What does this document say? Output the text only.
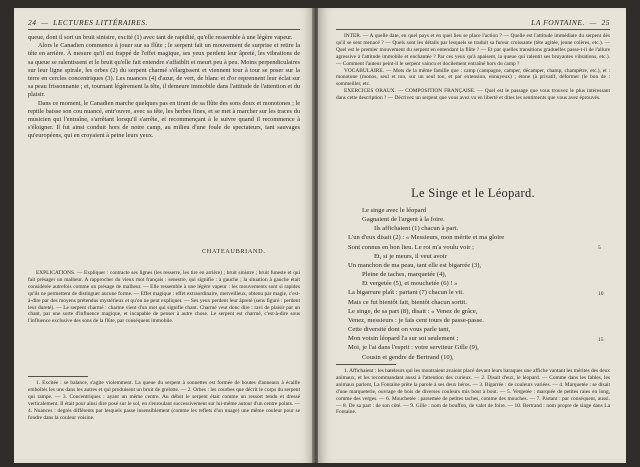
24  —  LECTURES LITTÉRAIRES.

queue, dont il sort un bruit sinistre, excité (1) avec tant de rapidité, qu'elle ressemble à une légère vapeur.

Alors le Canadien commence à jouer sur sa flûte ; le serpent fait un mouvement de surprise et retire la tête en arrière. À mesure qu'il est frappé de l'effet magique, ses yeux perdent leur âpreté, les vibrations de sa queue se ralentissent et le bruit qu'elle fait entendre s'affaiblit et meurt peu à peu. Moins perpendiculaires sur leur ligne spirale, les orbes (2) du serpent charmé s'élargissent et viennent tour à tour se poser sur la terre en cercles concentriques (3). Les nuances (4) d'azur, de vert, de blanc et d'or reprennent leur éclat sur sa peau frissonnante ; et, tournant légèrement la tête, il demeure immobile dans l'attitude de l'attention et du plaisir.

Dans ce moment, le Canadien marche quelques pas en tirant de sa flûte des sons doux et monotones ; le reptile baisse son cou nuancé, entr'ouvre, avec sa tête, les herbes fines, et se met à marcher sur les traces du musicien qui l'entraîne, s'arrêtant lorsqu'il s'arrête, et recommençant à le suivre quand il recommence à s'éloigner. Il fut ainsi conduit hors de notre camp, au milieu d'une foule de spectateurs, tant sauvages qu'européens, qui en croyaient à peine leurs yeux.

CHATEAUBRIAND.

EXPLICATIONS. — Expliquer : contracte ses lignes (les resserre, les tire en arrière) ; bruit sinistre ; bruit funeste et qui fait présager un malheur. A rapprocher du vieux mot français : senestre, qui signifie : à gauche ; la situation à gauche était considérée autrefois comme un présage de malheur. — Elle ressemble à une légère vapeur : les mouvements sont si rapides qu'ils ne permettent de distinguer aucune forme. — Effet magique : effet extraordinaire, merveilleux, obtenu par magie, c'est-à-dire par des moyens prétendus mystérieux et qu'on ne peut expliquer. — Ses yeux perdent leur âpreté (sens figuré : perdent leur dureté). — Le serpent charmé : charme vient d'un mot qui signifie chant. Charmé veut donc dire : ravi de plaisir par un chant, par une sorte d'influence magique, et incapable de penser à autre chose. Le serpent est charmé, c'est-à-dire sous l'influence exclusive des sons de la flûte, par conséquent immobile.

1. Excitée : se balance, s'agite violemment. La queue du serpent à sonnettes est formée de boutes d'anneaux à écaille emboîtés les uns dans les autres et qui produisent un bruit de grelotte. — 2. Orbes : les courbes que décrit le corps du serpent qui rampe. — 3. Concentriques : ayant un même centre. Au début le serpent était comme un ressort tendu et dressé verticalement. Il était pour ainsi dire posé sur le sol, en s'enroulant successivement sur lui-même autour d'un centre points. — 4. Nuances : degrés différents par lesquels passe insensiblement (comme les reflets d'un nuage) une même couleur pour se fondre dans la couleur voisine.

LA FONTAINE.  —  25

INTER. — A quelle date, en quel pays et en quel lieu se place l'action ? — Quelle est l'attitude immédiate du serpent dès qu'il se sent menacé ? — Quels sont les détails par lesquels se traduit sa fureur croissante (tête agitée, jeune colères, etc.). — Quel est le premier mouvement du serpent en entendant la flûte ? — Et par quelles transitions graduelles passe-t-il de l'allure agressive à l'attitude immobile et enchantée ? Par ces yeux qu'à apaisent, la queue qui ralentit ses bruyantes vibrations, etc.). — Comment l'auteur peint-il le serpent vaincu et docilement entraîné hors du camp ?

VOCABULAIRE. — Mots de la même famille que : camp (campagne, camper, décamper, champ, champêtre, etc.), et : monotone (monos, seul et ton, sur un seul ton, et par extension, ennuyeux) ; étone (à privatif, déformer (le bon de : sommeiller, etc.

EXERCICES ORAUX. — COMPOSITION FRANÇAISE. — Quel est le passage que vous trouvez le plus intéressant dans cette description ? — Décrivez un serpent que vous avez vu en liberté et dites les sentiments que vous avez éprouvés.

Le Singe et le Léopard.
Le singe avec le léopard
Gagnaient de l'argent à la foire.
Ils affichaient (1) chacun à part.
L'un d'eux disait (2) : « Messieurs, mon mérite et ma gloire
Sont connus en bon lieu. Le roi m'a voulu voir ;
Et, si je meurs, il veut avoir
Un manchon de ma peau, tant elle est bigarrée (3),
Pleine de taches, marquetée (4),
Et vergetée (5), et mouchetée (6) ! »
La bigarrure plaît : partant (7) chacun le vit.
Mais ce fut bientôt fait, bientôt chacun sortit.
Le singe, de sa part (8), disait : « Venez de grâce,
Venez, messieurs : je fais cent tours de passe-passe.
Cette diversité dont on vous parle tant,
Mon voisin léopard l'a sur soi seulement ;
Moi, je l'ai dans l'esprit : votre serviteur Gille (9),
Cousin et gendre de Bertrand (10),
5
10
15

1. Affichaient : les bateleurs qui les montraient avaient placé devant leurs baraques une affiche vantant les mérites des deux animaux, et les recommandant aussi à l'attention des curieux. — 2. Disait d'eux, le léopard. — Comme dans les fables, les animaux parlent, La Fontaine prête la parole à ses deux héros. — 3. Bigarrée : de couleurs variées. — 4. Marquetée : se disait d'une marqueterie, ouvrage de bois de diverses couleurs mis bout à bout. — 5. Vergetée : marquée de petites raies en long, comme des verges. — 6. Mouchetée : parsemée de petites taches, comme des mouches. — 7. Partant : par conséquent, aussi. — 8. De sa part : de son côté. — 9. Gille : nom de bouffon, de valet de foire. — 10. Bertrand : nom propre de singe dans La Fontaine.
